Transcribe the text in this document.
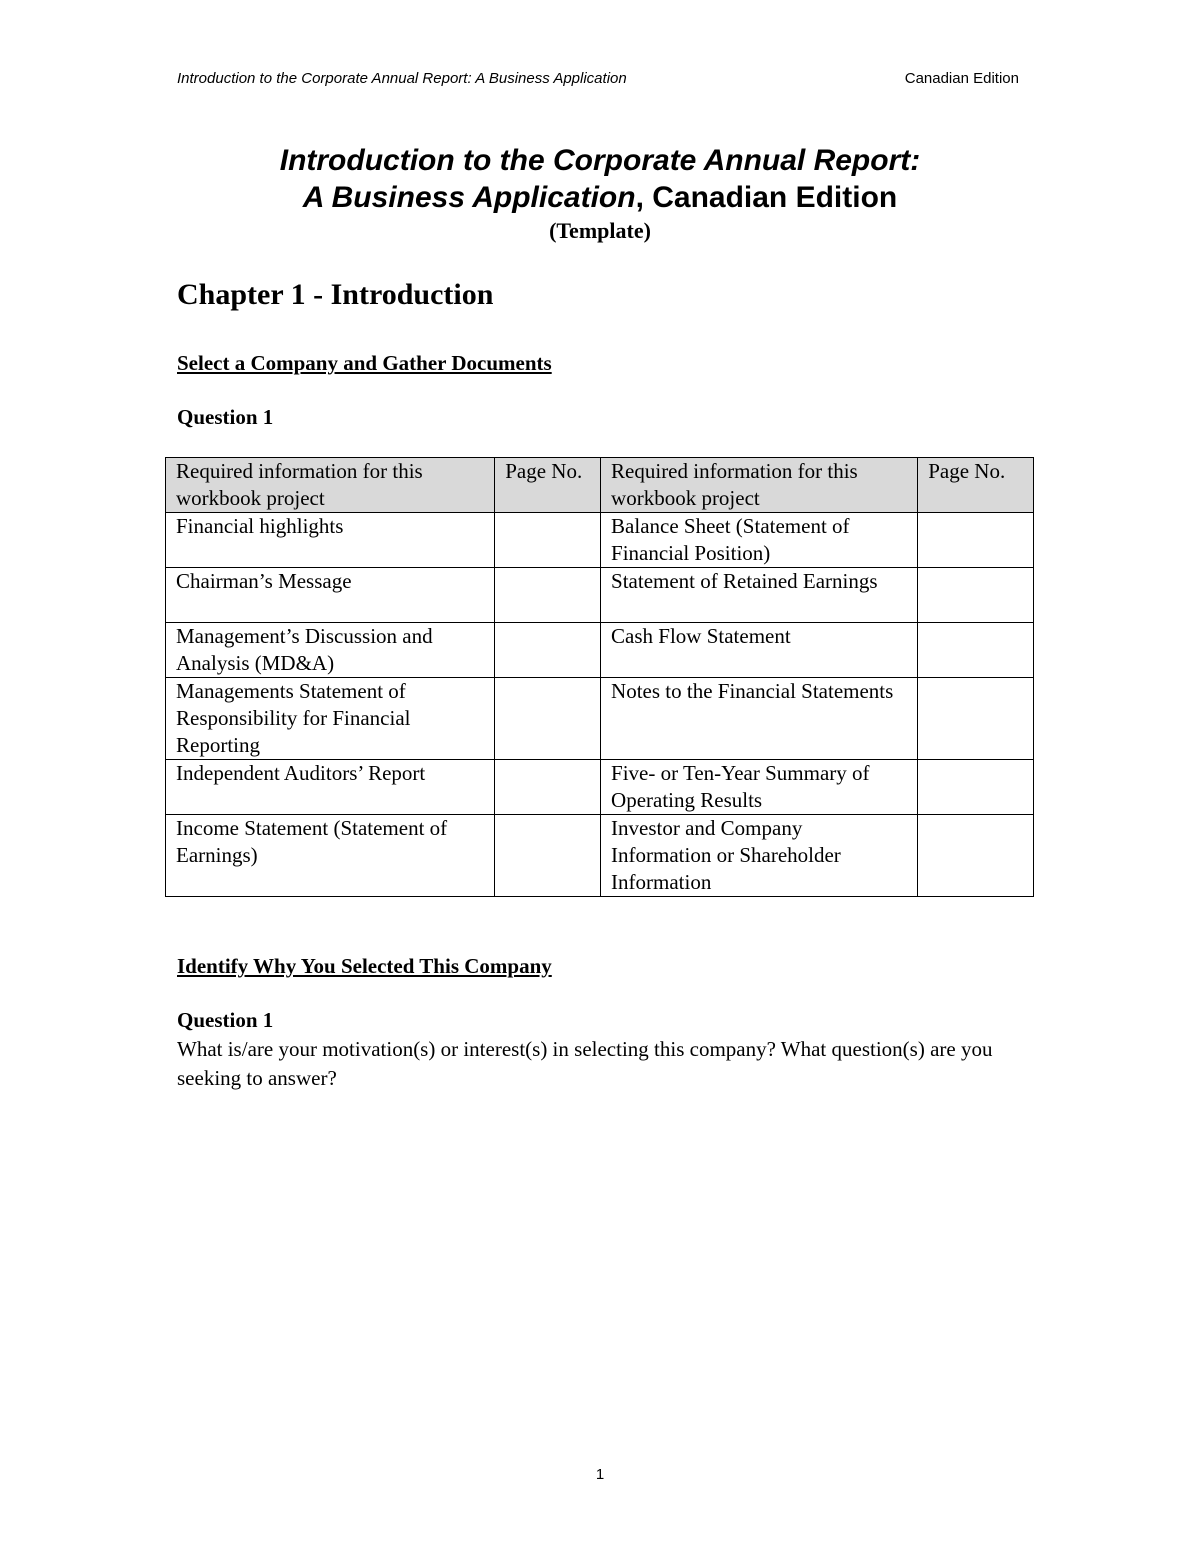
Introduction to the Corporate Annual Report: A Business Application	Canadian Edition
Introduction to the Corporate Annual Report:
A Business Application, Canadian Edition
(Template)
Chapter 1 - Introduction
Select a Company and Gather Documents
Question 1
Required information for this workbook project	Page No.	Required information for this workbook project	Page No.
Financial highlights		Balance Sheet (Statement of Financial Position)	
Chairman’s Message		Statement of Retained Earnings	
Management’s Discussion and Analysis (MD&A)		Cash Flow Statement	
Managements Statement of Responsibility for Financial Reporting		Notes to the Financial Statements	
Independent Auditors’ Report		Five- or Ten-Year Summary of Operating Results	
Income Statement (Statement of Earnings)		Investor and Company Information or Shareholder Information	
Identify Why You Selected This Company
Question 1
What is/are your motivation(s) or interest(s) in selecting this company? What question(s) are you seeking to answer?
1
